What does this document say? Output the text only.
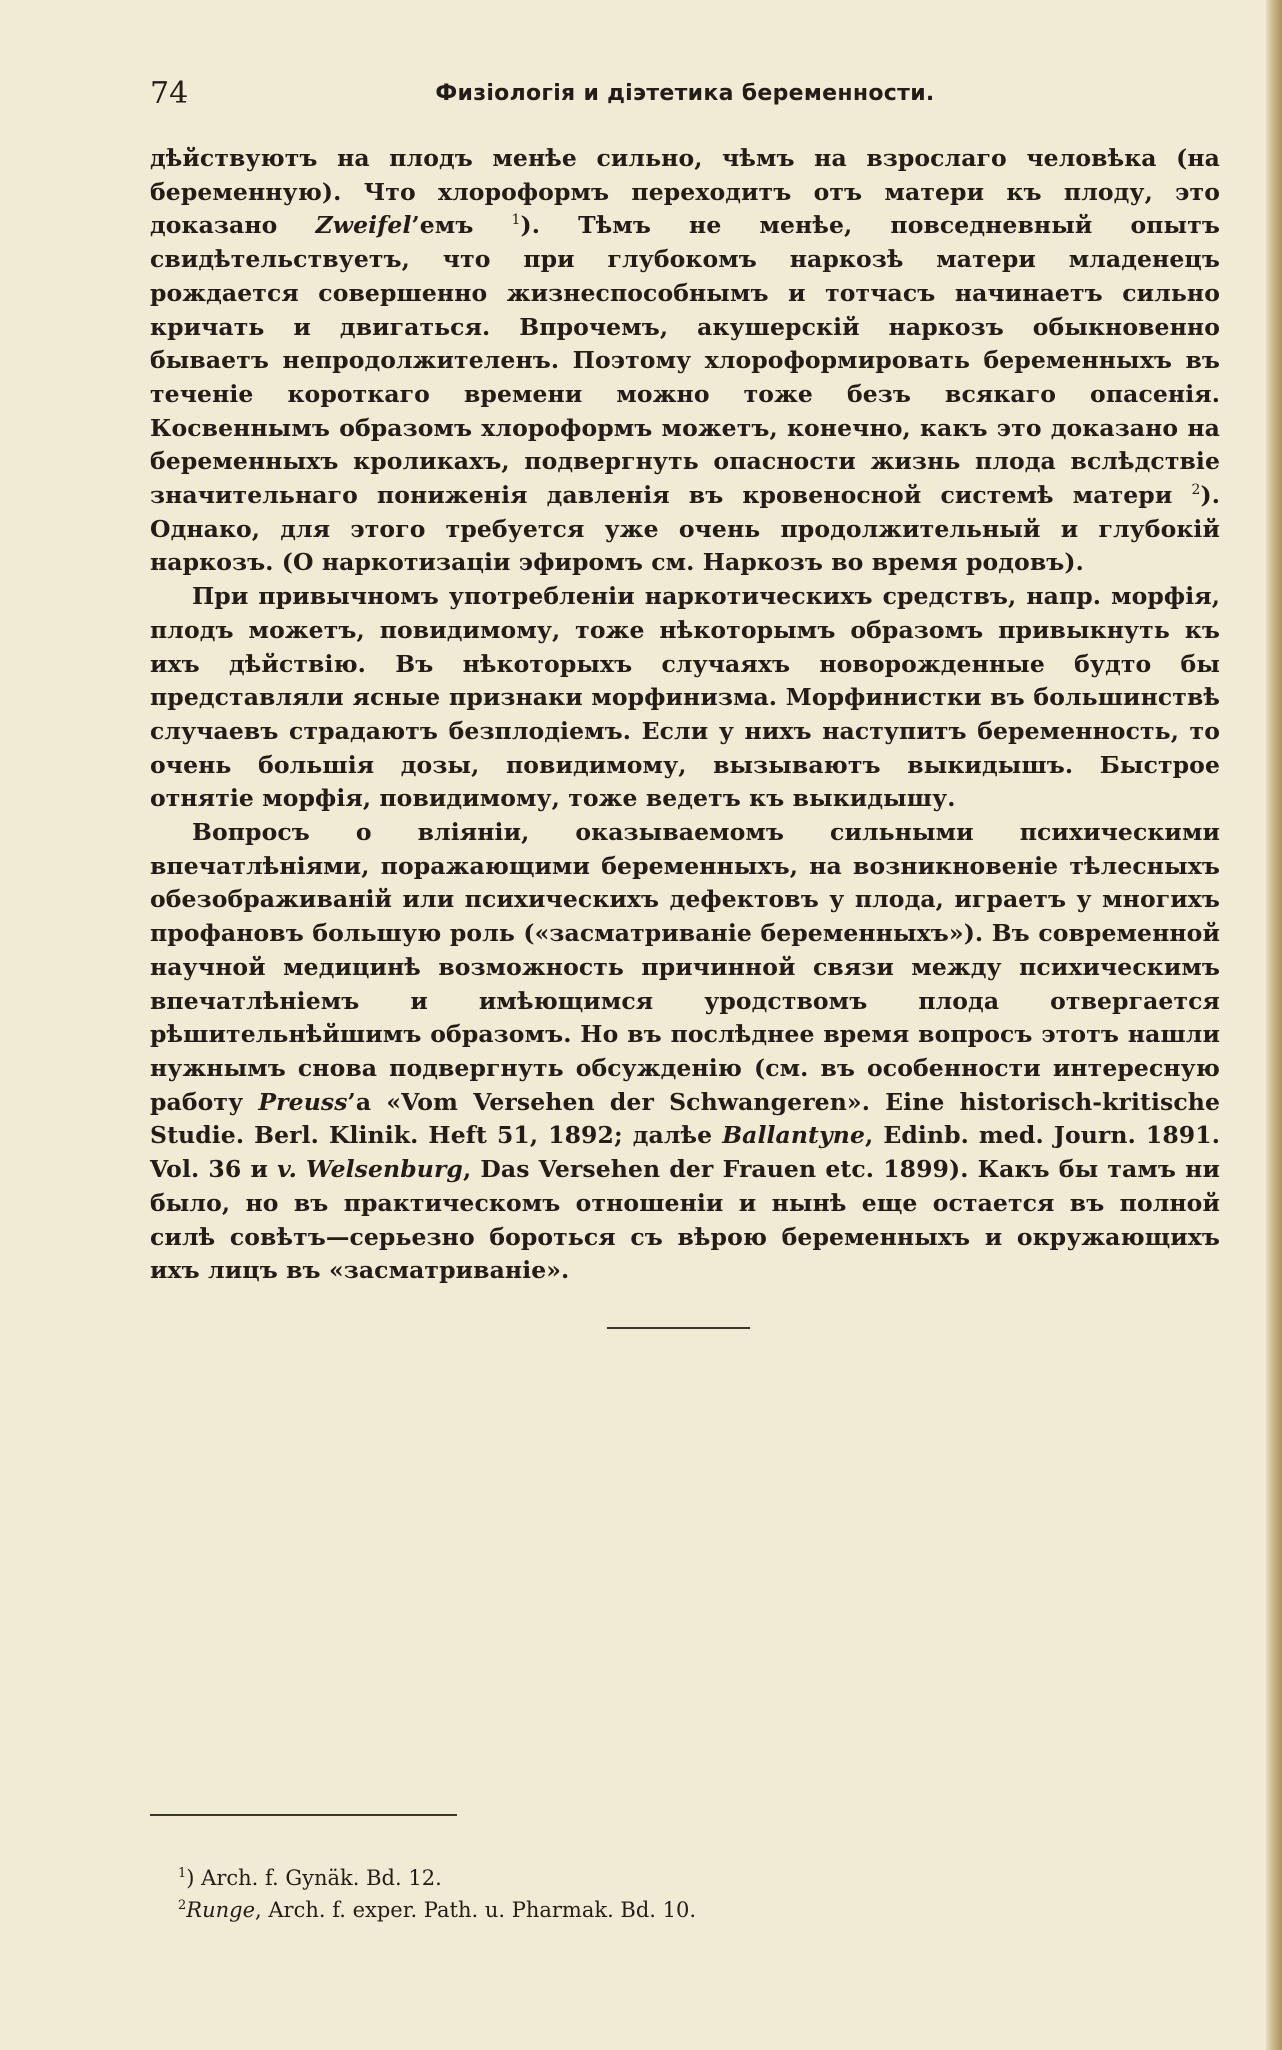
74	Физіологія и діэтетика беременности.

дѣйствуютъ на плодъ менѣе сильно, чѣмъ на взрослаго человѣка (на беременную). Что хлороформъ переходитъ отъ матери къ плоду, это доказано Zweifel’емъ $^1$). Тѣмъ не менѣе, повседневный опытъ свидѣтельствуетъ, что при глубокомъ наркозѣ матери младенецъ рождается совершенно жизнеспособнымъ и тотчасъ начинаетъ сильно кричать и двигаться. Впрочемъ, акушерскій наркозъ обыкновенно бываетъ непродолжителенъ. Поэтому хлороформировать беременныхъ въ теченіе короткаго времени можно тоже безъ всякаго опасенія. Косвеннымъ образомъ хлороформъ можетъ, конечно, какъ это доказано на беременныхъ кроликахъ, подвергнуть опасности жизнь плода вслѣдствіе значительнаго пониженія давленія въ кровеносной системѣ матери $^2$). Однако, для этого требуется уже очень продолжительный и глубокій наркозъ. (О наркотизаціи эфиромъ см. Наркозъ во время родовъ).

При привычномъ употребленіи наркотическихъ средствъ, напр. морфія, плодъ можетъ, повидимому, тоже нѣкоторымъ образомъ привыкнуть къ ихъ дѣйствію. Въ нѣкоторыхъ случаяхъ новорожденные будто бы представляли ясные признаки морфинизма. Морфинистки въ большинствѣ случаевъ страдаютъ безплодіемъ. Если у нихъ наступитъ беременность, то очень большія дозы, повидимому, вызываютъ выкидышъ. Быстрое отнятіе морфія, повидимому, тоже ведетъ къ выкидышу.

Вопросъ о вліяніи, оказываемомъ сильными психическими впечатлѣніями, поражающими беременныхъ, на возникновеніе тѣлесныхъ обезображиваній или психическихъ дефектовъ у плода, играетъ у многихъ профановъ большую роль («засматриваніе беременныхъ»). Въ современной научной медицинѣ возможность причинной связи между психическимъ впечатлѣніемъ и имѣющимся уродствомъ плода отвергается рѣшительнѣйшимъ образомъ. Но въ послѣднее время вопросъ этотъ нашли нужнымъ снова подвергнуть обсужденію (см. въ особенности интересную работу Preuss’а «Vom Versehen der Schwangeren». Eine historisch-kritische Studie. Berl. Klinik. Heft 51, 1892; далѣе Ballantyne, Edinb. med. Journ. 1891. Vol. 36 и v. Welsenburg, Das Versehen der Frauen etc. 1899). Какъ бы тамъ ни было, но въ практическомъ отношеніи и нынѣ еще остается въ полной силѣ совѣтъ—серьезно бороться съ вѣрою беременныхъ и окружающихъ ихъ лицъ въ «засматриваніе».

$^1$) Arch. f. Gynäk. Bd. 12.
$^2$Runge, Arch. f. exper. Path. u. Pharmak. Bd. 10.
